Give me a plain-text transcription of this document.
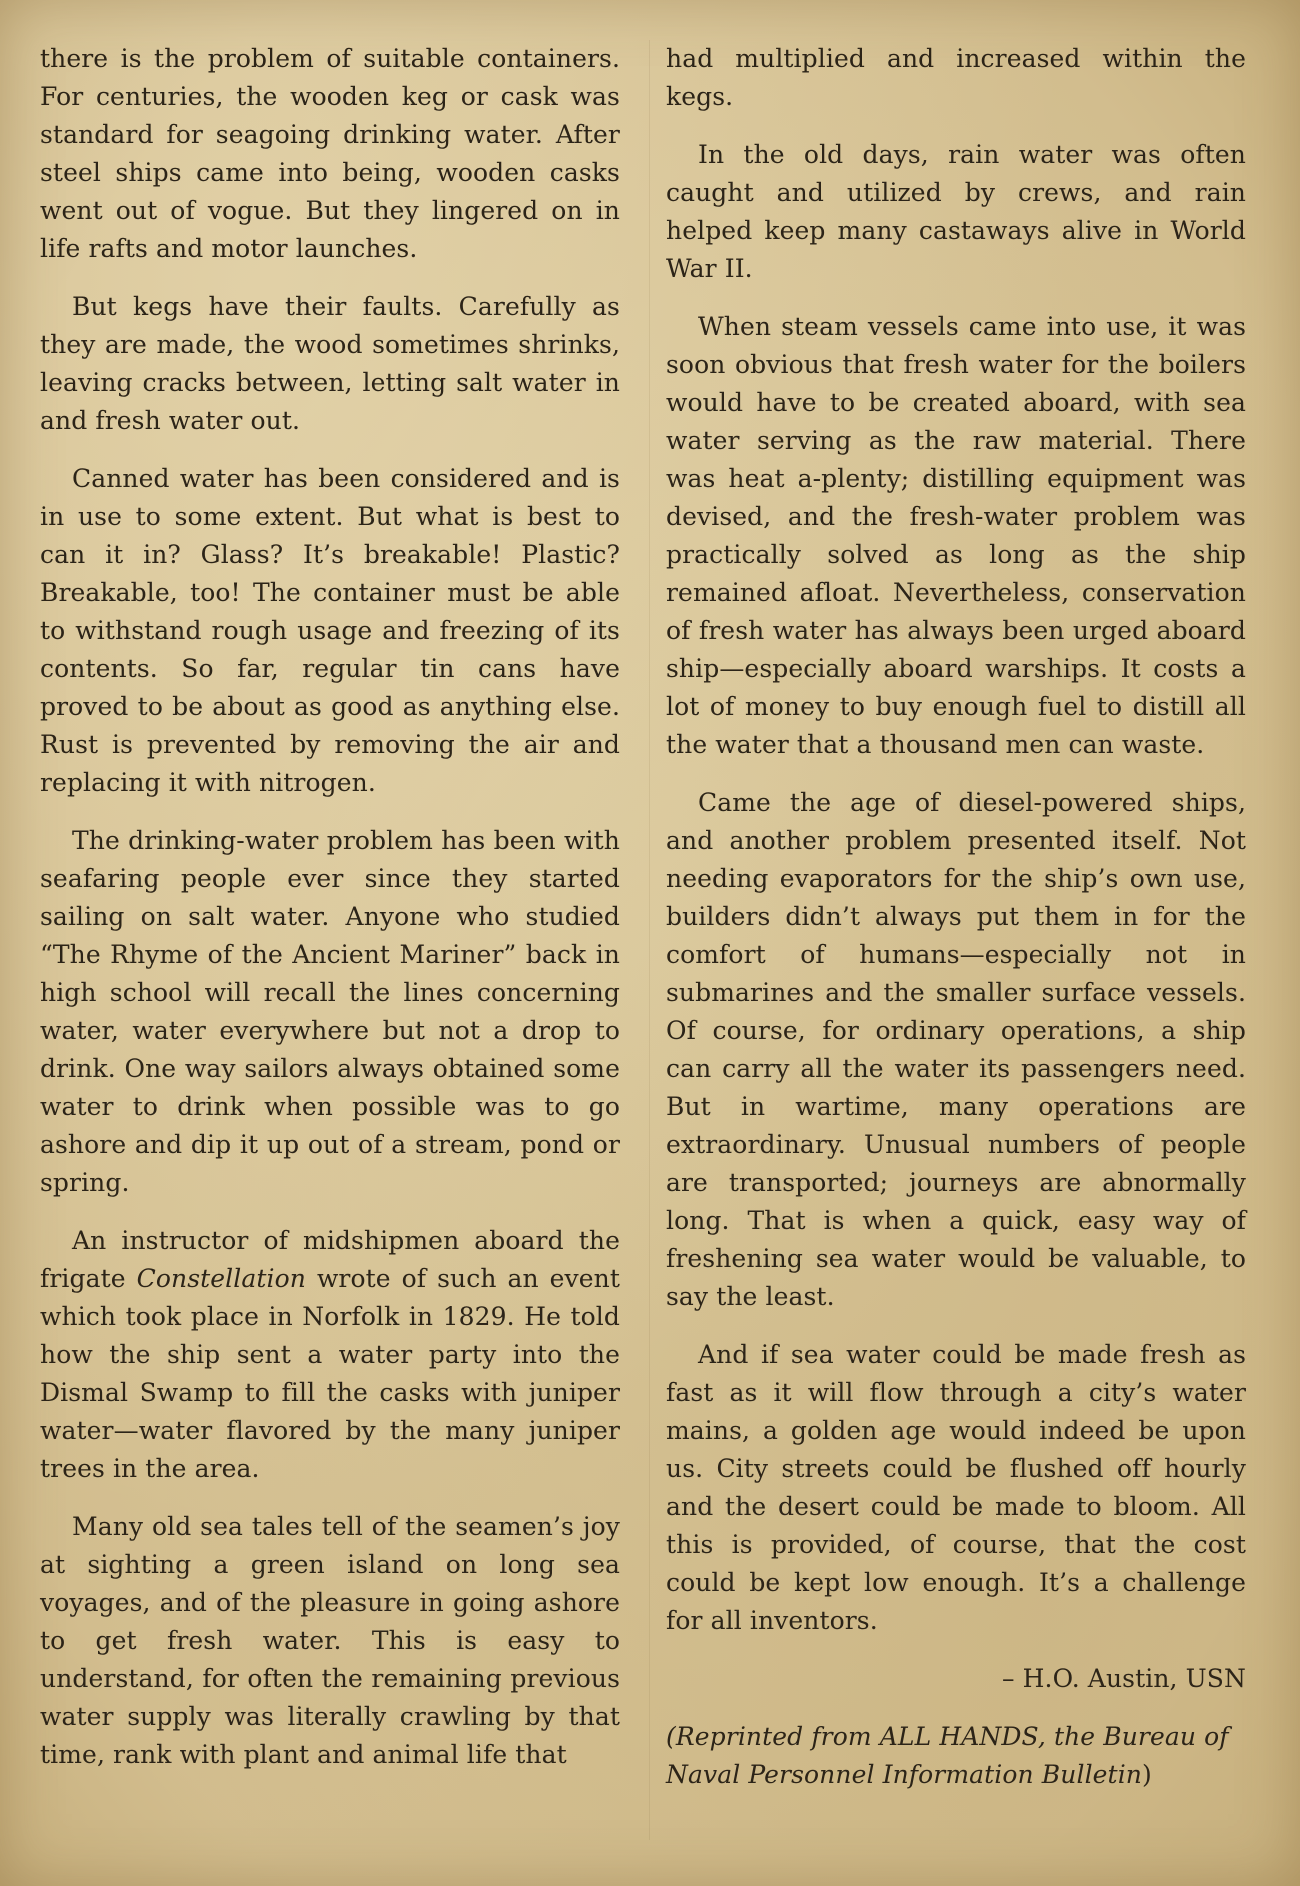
there is the problem of suitable containers. For centuries, the wooden keg or cask was standard for seagoing drinking water. After steel ships came into being, wooden casks went out of vogue. But they lingered on in life rafts and motor launches.

But kegs have their faults. Carefully as they are made, the wood sometimes shrinks, leaving cracks between, letting salt water in and fresh water out.

Canned water has been considered and is in use to some extent. But what is best to can it in? Glass? It’s breakable! Plastic? Breakable, too! The container must be able to withstand rough usage and freezing of its contents. So far, regular tin cans have proved to be about as good as anything else. Rust is prevented by removing the air and replacing it with nitrogen.

The drinking-water problem has been with seafaring people ever since they started sailing on salt water. Anyone who studied “The Rhyme of the Ancient Mariner” back in high school will recall the lines concerning water, water everywhere but not a drop to drink. One way sailors always obtained some water to drink when possible was to go ashore and dip it up out of a stream, pond or spring.

An instructor of midshipmen aboard the frigate Constellation wrote of such an event which took place in Norfolk in 1829. He told how the ship sent a water party into the Dismal Swamp to fill the casks with juniper water—water flavored by the many juniper trees in the area.

Many old sea tales tell of the seamen’s joy at sighting a green island on long sea voyages, and of the pleasure in going ashore to get fresh water. This is easy to understand, for often the remaining previous water supply was literally crawling by that time, rank with plant and animal life that

had multiplied and increased within the kegs.

In the old days, rain water was often caught and utilized by crews, and rain helped keep many castaways alive in World War II.

When steam vessels came into use, it was soon obvious that fresh water for the boilers would have to be created aboard, with sea water serving as the raw material. There was heat a-plenty; distilling equipment was devised, and the fresh-water problem was practically solved as long as the ship remained afloat. Nevertheless, conservation of fresh water has always been urged aboard ship—especially aboard warships. It costs a lot of money to buy enough fuel to distill all the water that a thousand men can waste.

Came the age of diesel-powered ships, and another problem presented itself. Not needing evaporators for the ship’s own use, builders didn’t always put them in for the comfort of humans—especially not in submarines and the smaller surface vessels. Of course, for ordinary operations, a ship can carry all the water its passengers need. But in wartime, many operations are extraordinary. Unusual numbers of people are transported; journeys are abnormally long. That is when a quick, easy way of freshening sea water would be valuable, to say the least.

And if sea water could be made fresh as fast as it will flow through a city’s water mains, a golden age would indeed be upon us. City streets could be flushed off hourly and the desert could be made to bloom. All this is provided, of course, that the cost could be kept low enough. It’s a challenge for all inventors.

– H.O. Austin, USN

(Reprinted from ALL HANDS, the Bureau of Naval Personnel Information Bulletin)
